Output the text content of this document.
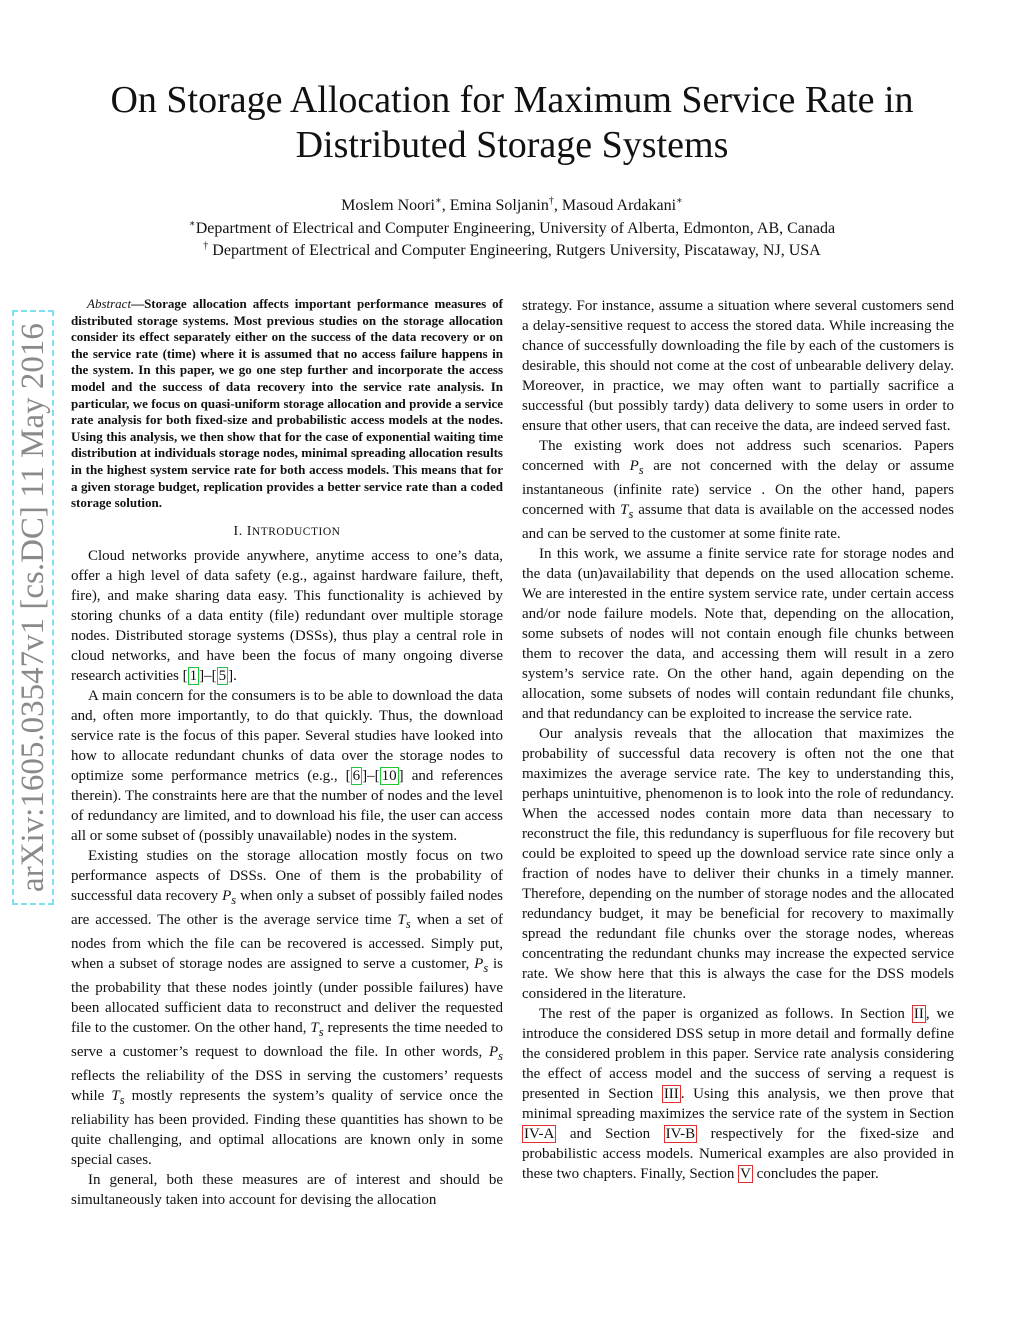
On Storage Allocation for Maximum Service Rate in
Distributed Storage Systems
Moslem Noori∗, Emina Soljanin†, Masoud Ardakani∗
∗Department of Electrical and Computer Engineering, University of Alberta, Edmonton, AB, Canada
† Department of Electrical and Computer Engineering, Rutgers University, Piscataway, NJ, USA
arXiv:1605.03547v1 [cs.DC] 11 May 2016

Abstract—Storage allocation affects important performance measures of distributed storage systems. Most previous studies on the storage allocation consider its effect separately either on the success of the data recovery or on the service rate (time) where it is assumed that no access failure happens in the system. In this paper, we go one step further and incorporate the access model and the success of data recovery into the service rate analysis. In particular, we focus on quasi-uniform storage allocation and provide a service rate analysis for both fixed-size and probabilistic access models at the nodes. Using this analysis, we then show that for the case of exponential waiting time distribution at individuals storage nodes, minimal spreading allocation results in the highest system service rate for both access models. This means that for a given storage budget, replication provides a better service rate than a coded storage solution.

I. INTRODUCTION

Cloud networks provide anywhere, anytime access to one’s data, offer a high level of data safety (e.g., against hardware failure, theft, fire), and make sharing data easy. This functionality is achieved by storing chunks of a data entity (file) redundant over multiple storage nodes. Distributed storage systems (DSSs), thus play a central role in cloud networks, and have been the focus of many ongoing diverse research activities [ 1 ]–[ 5 ].

A main concern for the consumers is to be able to download the data and, often more importantly, to do that quickly. Thus, the download service rate is the focus of this paper. Several studies have looked into how to allocate redundant chunks of data over the storage nodes to optimize some performance metrics (e.g., [ 6 ]–[ 10 ] and references therein). The constraints here are that the number of nodes and the level of redundancy are limited, and to download his file, the user can access all or some subset of (possibly unavailable) nodes in the system.

Existing studies on the storage allocation mostly focus on two performance aspects of DSSs. One of them is the probability of successful data recovery $P_s$ when only a subset of possibly failed nodes are accessed. The other is the average service time $T_s$ when a set of nodes from which the file can be recovered is accessed. Simply put, when a subset of storage nodes are assigned to serve a customer, $P_s$ is the probability that these nodes jointly (under possible failures) have been allocated sufficient data to reconstruct and deliver the requested file to the customer. On the other hand, $T_s$ represents the time needed to serve a customer’s request to download the file. In other words, $P_s$ reflects the reliability of the DSS in serving the customers’ requests while $T_s$ mostly represents the system’s quality of service once the reliability has been provided. Finding these quantities has shown to be quite challenging, and optimal allocations are known only in some special cases.

In general, both these measures are of interest and should be simultaneously taken into account for devising the allocation

strategy. For instance, assume a situation where several customers send a delay-sensitive request to access the stored data. While increasing the chance of successfully downloading the file by each of the customers is desirable, this should not come at the cost of unbearable delivery delay. Moreover, in practice, we may often want to partially sacrifice a successful (but possibly tardy) data delivery to some users in order to ensure that other users, that can receive the data, are indeed served fast.

The existing work does not address such scenarios. Papers concerned with $P_s$ are not concerned with the delay or assume instantaneous (infinite rate) service . On the other hand, papers concerned with $T_s$ assume that data is available on the accessed nodes and can be served to the customer at some finite rate.

In this work, we assume a finite service rate for storage nodes and the data (un)availability that depends on the used allocation scheme. We are interested in the entire system service rate, under certain access and/or node failure models. Note that, depending on the allocation, some subsets of nodes will not contain enough file chunks between them to recover the data, and accessing them will result in a zero system’s service rate. On the other hand, again depending on the allocation, some subsets of nodes will contain redundant file chunks, and that redundancy can be exploited to increase the service rate.

Our analysis reveals that the allocation that maximizes the probability of successful data recovery is often not the one that maximizes the average service rate. The key to understanding this, perhaps unintuitive, phenomenon is to look into the role of redundancy. When the accessed nodes contain more data than necessary to reconstruct the file, this redundancy is superfluous for file recovery but could be exploited to speed up the download service rate since only a fraction of nodes have to deliver their chunks in a timely manner. Therefore, depending on the number of storage nodes and the allocated redundancy budget, it may be beneficial for recovery to maximally spread the redundant file chunks over the storage nodes, whereas concentrating the redundant chunks may increase the expected service rate. We show here that this is always the case for the DSS models considered in the literature.

The rest of the paper is organized as follows. In Section II , we introduce the considered DSS setup in more detail and formally define the considered problem in this paper. Service rate analysis considering the effect of access model and the success of serving a request is presented in Section III . Using this analysis, we then prove that minimal spreading maximizes the service rate of the system in Section IV-A and Section IV-B respectively for the fixed-size and probabilistic access models. Numerical examples are also provided in these two chapters. Finally, Section V concludes the paper.
